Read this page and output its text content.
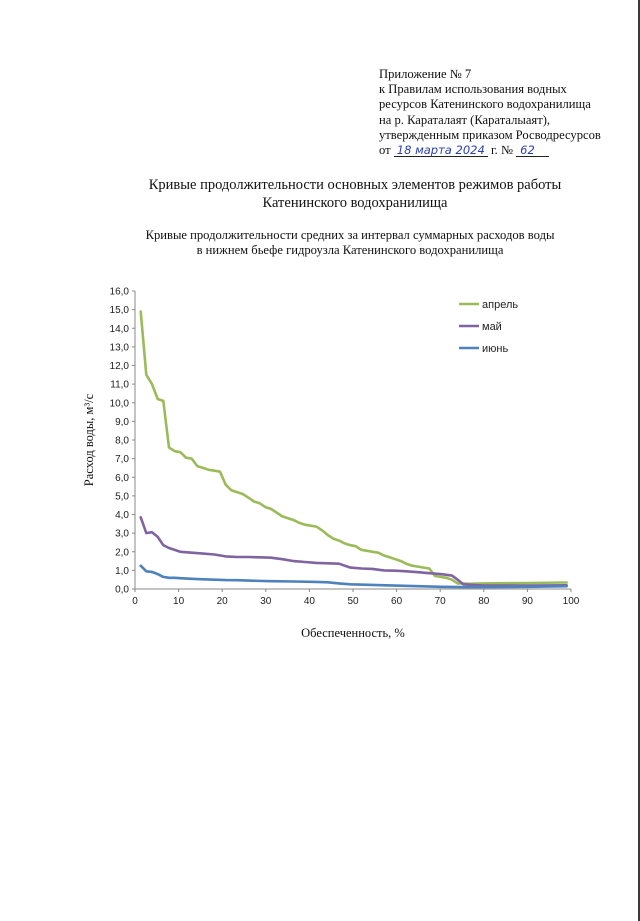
Приложение № 7
к Правилам использования водных
ресурсов Катенинского водохранилища
на р. Караталаят (Караталыаят),
утвержденным приказом Росводресурсов
от 18 марта 2024 г. № 62
Кривые продолжительности основных элементов режимов работы
Катенинского водохранилища
Кривые продолжительности средних за интервал суммарных расходов воды
в нижнем бьефе гидроузла Катенинского водохранилища
0,0
1,0
2,0
3,0
4,0
5,0
6,0
7,0
8,0
9,0
10,0
11,0
12,0
13,0
14,0
15,0
16,0
0	10	20	30	40	50	60	70	80	90	100
апрель
май
июнь
Расход воды, м³/с
Обеспеченность, %
